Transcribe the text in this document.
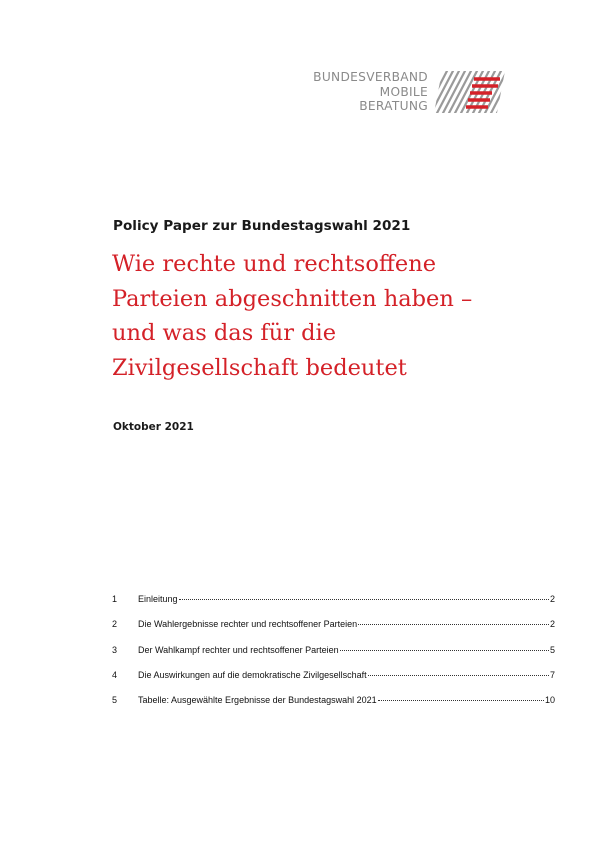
BUNDESVERBAND
MOBILE
BERATUNG
Policy Paper zur Bundestagswahl 2021
Wie rechte und rechtsoffene
Parteien abgeschnitten haben –
und was das für die
Zivilgesellschaft bedeutet
Oktober 2021
1	Einleitung	2
2	Die Wahlergebnisse rechter und rechtsoffener Parteien	2
3	Der Wahlkampf rechter und rechtsoffener Parteien	5
4	Die Auswirkungen auf die demokratische Zivilgesellschaft	7
5	Tabelle: Ausgewählte Ergebnisse der Bundestagswahl 2021	10
